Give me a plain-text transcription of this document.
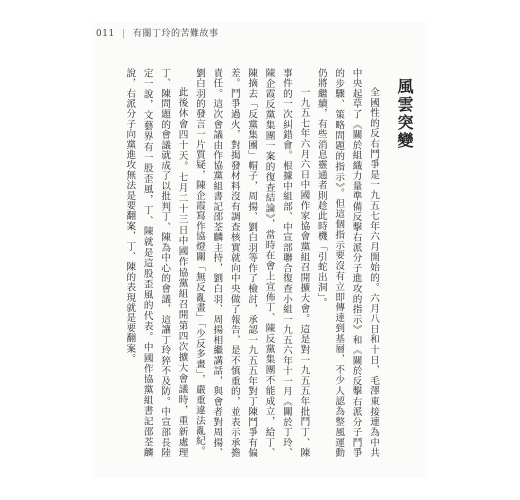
011 | 有關丁玲的苦難故事
風雲突變

全國性的反右鬥爭是一九五七年六月開始的。六月八日和十日，毛澤東接連為中共中央起草了《關於組織力量準備反擊右派分子進攻的指示》和《關於反擊右派分子鬥爭的步驟、策略問題的指示》。但這個指示要沒有立即傳達到基層，不少人認為整風運動仍將繼續，有些消息靈通者則趁此時機「引蛇出洞」。

一九五七年六月六日中國作家協會黨組召開擴大會。這是對一九五五年批鬥丁、陳事件的一次糾錯會。根據中組部、中宣部聯合復查小組一九五六年十一月《關於丁玲、陳企霞反黨集團一案的復查結論》，當時在會上宣佈丁、陳反黨集團不能成立，給丁、陳摘去「反黨集團」帽子，周揚、劉白羽等作了檢討，承認一九五五年對丁陳鬥爭有偏差。鬥爭過火，對揭發材料沒有調查核實就向中央做了報告，是不慎重的，並表示承擔責任。這次會議由作協黨組書記邵荃麟主持，劉白羽、周揚相繼講話，與會者對周揚、劉白羽的發言一片質疑，陳企霞寫作協燈關「無反亂畫」「少反多畫」，嚴重違法亂紀。

此後休會四十天。七月二十三日中國作協黨組召開第四次擴大會議時，重新處理丁、陳問題的會議就成了以批判丁、陳為中心的會議，這讓丁玲猝不及防。中宣部長陸定一說，文藝界有一股歪風，丁、陳就是這股歪風的代表。中國作協黨組書記邵荃麟說，右派分子向黨進攻無法是要翻案，丁、陳的表現就是要翻案。
